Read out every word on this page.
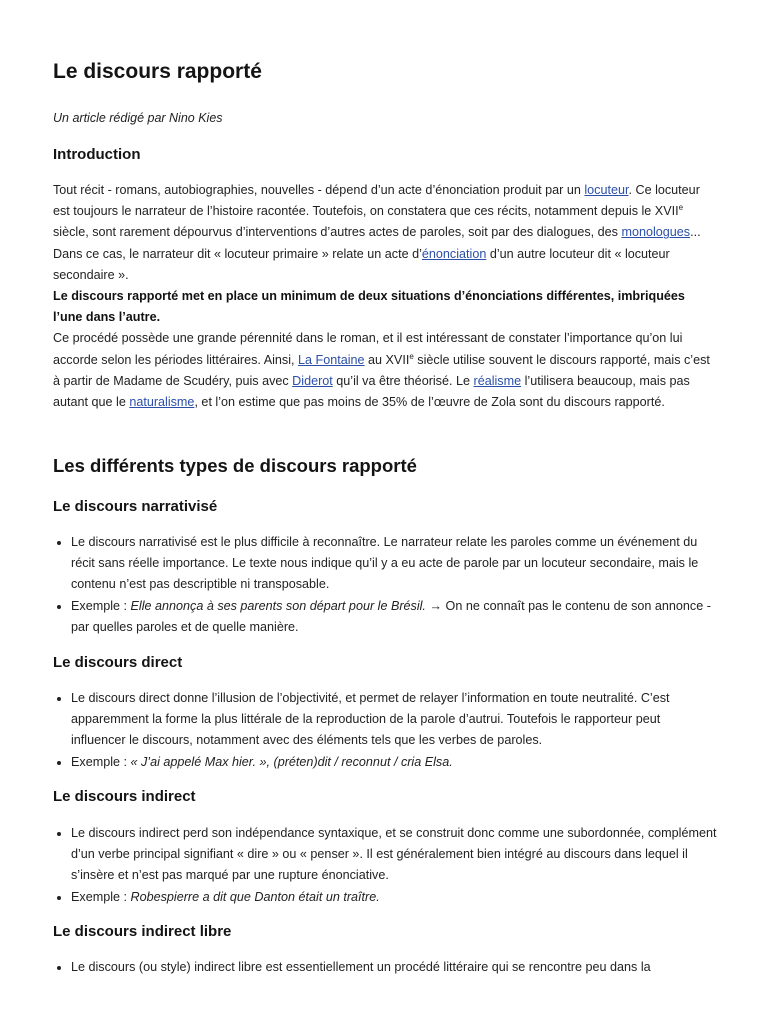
Le discours rapporté
Un article rédigé par Nino Kies
Introduction

Tout récit - romans, autobiographies, nouvelles - dépend d’un acte d’énonciation produit par un locuteur. Ce locuteur est toujours le narrateur de l’histoire racontée. Toutefois, on constatera que ces récits, notamment depuis le XVIIe siècle, sont rarement dépourvus d’interventions d’autres actes de paroles, soit par des dialogues, des monologues... Dans ce cas, le narrateur dit « locuteur primaire » relate un acte d’énonciation d’un autre locuteur dit « locuteur secondaire ».

Le discours rapporté met en place un minimum de deux situations d’énonciations différentes, imbriquées l’une dans l’autre.

Ce procédé possède une grande pérennité dans le roman, et il est intéressant de constater l’importance qu’on lui accorde selon les périodes littéraires. Ainsi, La Fontaine au XVIIe siècle utilise souvent le discours rapporté, mais c’est à partir de Madame de Scudéry, puis avec Diderot qu’il va être théorisé. Le réalisme l’utilisera beaucoup, mais pas autant que le naturalisme, et l’on estime que pas moins de 35% de l’œuvre de Zola sont du discours rapporté.

Les différents types de discours rapporté
Le discours narrativisé
• Le discours narrativisé est le plus difficile à reconnaître. Le narrateur relate les paroles comme un événement du récit sans réelle importance. Le texte nous indique qu’il y a eu acte de parole par un locuteur secondaire, mais le contenu n’est pas descriptible ni transposable.
• Exemple : Elle annonça à ses parents son départ pour le Brésil. → On ne connaît pas le contenu de son annonce - par quelles paroles et de quelle manière.
Le discours direct
• Le discours direct donne l’illusion de l’objectivité, et permet de relayer l’information en toute neutralité. C’est apparemment la forme la plus littérale de la reproduction de la parole d’autrui. Toutefois le rapporteur peut influencer le discours, notamment avec des éléments tels que les verbes de paroles.
• Exemple : « J’ai appelé Max hier. », (préten)dit / reconnut / cria Elsa.
Le discours indirect
• Le discours indirect perd son indépendance syntaxique, et se construit donc comme une subordonnée, complément d’un verbe principal signifiant « dire » ou « penser ». Il est généralement bien intégré au discours dans lequel il s’insère et n’est pas marqué par une rupture énonciative.
• Exemple : Robespierre a dit que Danton était un traître.
Le discours indirect libre
• Le discours (ou style) indirect libre est essentiellement un procédé littéraire qui se rencontre peu dans la
